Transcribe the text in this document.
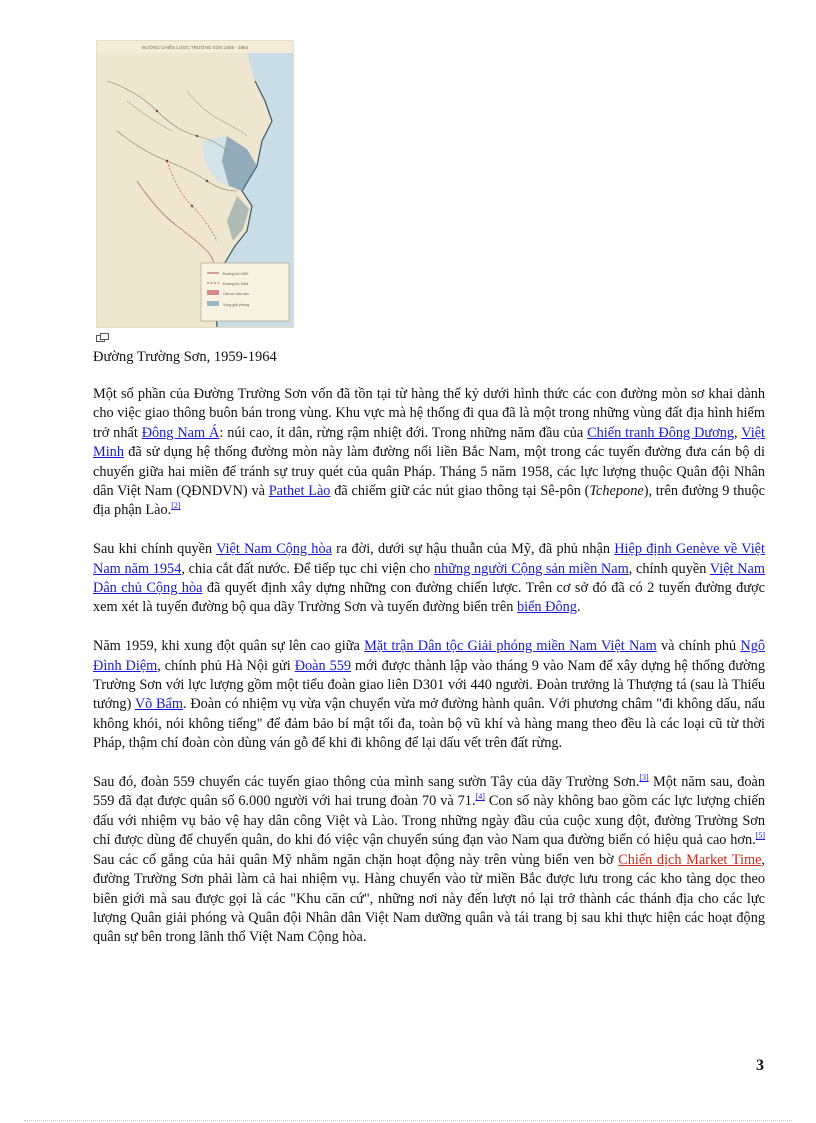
ĐƯỜNG CHIẾN LƯỢC TRƯỜNG SƠN 1959 - 1964
Đường bộ 1959
Đường bộ 1964
Căn cứ hậu cần
Vùng giải phóng
Đường Trường Sơn, 1959-1964

Một số phần của Đường Trường Sơn vốn đã tồn tại từ hàng thế kỷ dưới hình thức các con đường mòn sơ khai dành cho việc giao thông buôn bán trong vùng. Khu vực mà hệ thống đi qua đã là một trong những vùng đất địa hình hiểm trở nhất Đông Nam Á: núi cao, ít dân, rừng rậm nhiệt đới. Trong những năm đầu của Chiến tranh Đông Dương, Việt Minh đã sử dụng hệ thống đường mòn này làm đường nối liền Bắc Nam, một trong các tuyến đường đưa cán bộ di chuyển giữa hai miền để tránh sự truy quét của quân Pháp. Tháng 5 năm 1958, các lực lượng thuộc Quân đội Nhân dân Việt Nam (QĐNDVN) và Pathet Lào đã chiếm giữ các nút giao thông tại Sê-pôn (Tchepone), trên đường 9 thuộc địa phận Lào.[2]

Sau khi chính quyền Việt Nam Cộng hòa ra đời, dưới sự hậu thuẫn của Mỹ, đã phủ nhận Hiệp định Genève về Việt Nam năm 1954, chia cắt đất nước. Để tiếp tục chi viện cho những người Cộng sản miền Nam, chính quyền Việt Nam Dân chủ Cộng hòa đã quyết định xây dựng những con đường chiến lược. Trên cơ sở đó đã có 2 tuyến đường được xem xét là tuyến đường bộ qua dãy Trường Sơn và tuyến đường biển trên biển Đông.

Năm 1959, khi xung đột quân sự lên cao giữa Mặt trận Dân tộc Giải phóng miền Nam Việt Nam và chính phủ Ngô Đình Diệm, chính phủ Hà Nội gửi Đoàn 559 mới được thành lập vào tháng 9 vào Nam để xây dựng hệ thống đường Trường Sơn với lực lượng gồm một tiểu đoàn giao liên D301 với 440 người. Đoàn trưởng là Thượng tá (sau là Thiếu tướng) Võ Bẩm. Đoàn có nhiệm vụ vừa vận chuyển vừa mở đường hành quân. Với phương châm "đi không dấu, nấu không khói, nói không tiếng" để đảm bảo bí mật tối đa, toàn bộ vũ khí và hàng mang theo đều là các loại cũ từ thời Pháp, thậm chí đoàn còn dùng ván gỗ để khi đi không để lại dấu vết trên đất rừng.

Sau đó, đoàn 559 chuyển các tuyến giao thông của mình sang sườn Tây của dãy Trường Sơn.[3] Một năm sau, đoàn 559 đã đạt được quân số 6.000 người với hai trung đoàn 70 và 71.[4] Con số này không bao gồm các lực lượng chiến đấu với nhiệm vụ bảo vệ hay dân công Việt và Lào. Trong những ngày đầu của cuộc xung đột, đường Trường Sơn chỉ được dùng để chuyển quân, do khi đó việc vận chuyển súng đạn vào Nam qua đường biển có hiệu quả cao hơn.[5] Sau các cố gắng của hải quân Mỹ nhằm ngăn chặn hoạt động này trên vùng biển ven bờ Chiến dịch Market Time, đường Trường Sơn phải làm cả hai nhiệm vụ. Hàng chuyển vào từ miền Bắc được lưu trong các kho tàng dọc theo biên giới mà sau được gọi là các "Khu căn cứ", những nơi này đến lượt nó lại trở thành các thánh địa cho các lực lượng Quân giải phóng và Quân đội Nhân dân Việt Nam dưỡng quân và tái trang bị sau khi thực hiện các hoạt động quân sự bên trong lãnh thổ Việt Nam Cộng hòa.

3
